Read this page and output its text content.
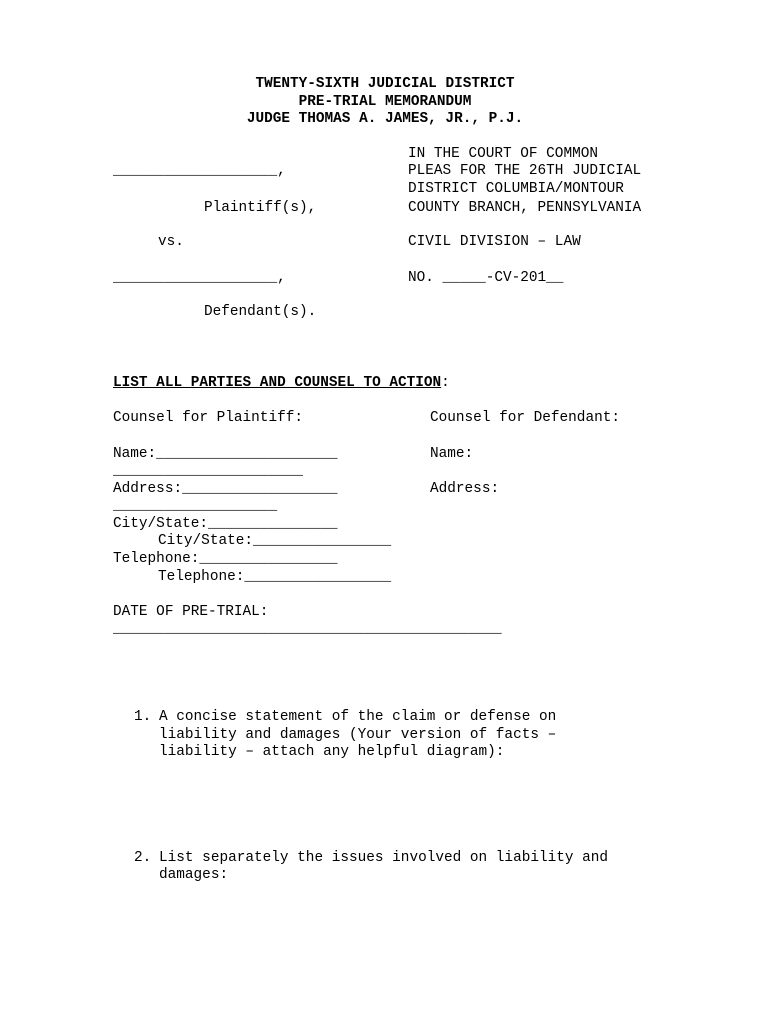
TWENTY-SIXTH JUDICIAL DISTRICT
PRE-TRIAL MEMORANDUM
JUDGE THOMAS A. JAMES, JR., P.J.
___________________,
Plaintiff(s),
vs.
___________________,
Defendant(s).
IN THE COURT OF COMMON
PLEAS FOR THE 26TH JUDICIAL
DISTRICT COLUMBIA/MONTOUR
COUNTY BRANCH, PENNSYLVANIA
CIVIL DIVISION – LAW
NO. _____-CV-201__
LIST ALL PARTIES AND COUNSEL TO ACTION:
Counsel for Plaintiff:	Counsel for Defendant:
Name:_____________________
______________________
Address:__________________
___________________
City/State:_______________
Telephone:________________
Name:
Address:
City/State:________________
Telephone:_________________
DATE OF PRE-TRIAL:
_____________________________________________
1. A concise statement of the claim or defense on
liability and damages (Your version of facts –
liability – attach any helpful diagram):
2. List separately the issues involved on liability and
damages:
